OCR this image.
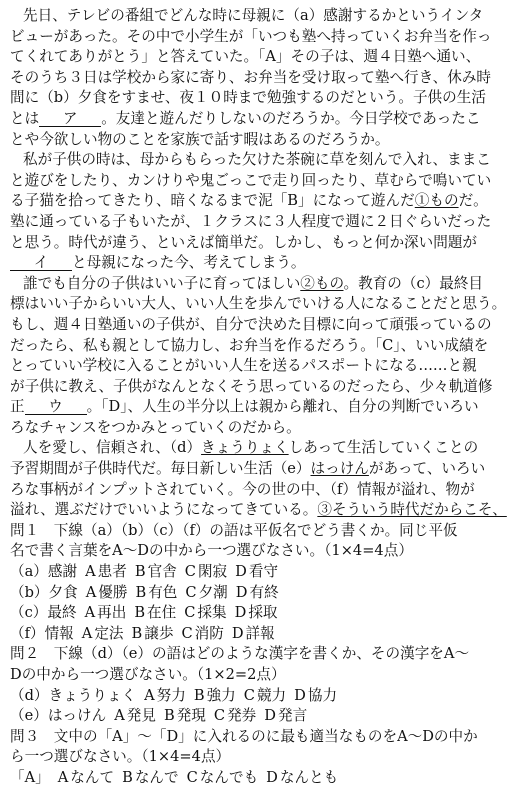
先日、テレビの番組でどんな時に母親に（a）感謝するかというインタ
ビューがあった。その中で小学生が「いつも塾へ持っていくお弁当を作っ
てくれてありがとう」と答えていた。「A」その子は、週４日塾へ通い、
そのうち３日は学校から家に寄り、お弁当を受け取って塾へ行き、休み時
間に（b）夕食をすませ、夜１０時まで勉強するのだという。子供の生活
とは ア 。友達と遊んだりしないのだろうか。今日学校であったこ
とや今欲しい物のことを家族で話す暇はあるのだろうか。
私が子供の時は、母からもらった欠けた茶碗に草を刻んで入れ、ままこ
と遊びをしたり、カンけりや鬼ごっこで走り回ったり、草むらで鳴いてい
る子猫を拾ってきたり、暗くなるまで泥「B」になって遊んだ①ものだ。
塾に通っている子もいたが、１クラスに３人程度で週に２日ぐらいだった
と思う。時代が違う、といえば簡単だ。しかし、もっと何か深い問題が
イ と母親になった今、考えてしまう。
誰でも自分の子供はいい子に育ってほしい②もの。教育の（c）最終目
標はいい子からいい大人、いい人生を歩んでいける人になることだと思う。
もし、週４日塾通いの子供が、自分で決めた目標に向って頑張っているの
だったら、私も親として協力し、お弁当を作るだろう。「C」、いい成績を
とっていい学校に入ることがいい人生を送るパスポートになる……と親
が子供に教え、子供がなんとなくそう思っているのだったら、少々軌道修
正 ウ 。「D」、人生の半分以上は親から離れ、自分の判断でいろい
ろなチャンスをつかみとっていくのだから。
人を愛し、信頼され、（d）きょうりょくしあって生活していくことの
予習期間が子供時代だ。毎日新しい生活（e）はっけんがあって、いろい
ろな事柄がインプットされていく。今の世の中、（f）情報が溢れ、物が
溢れ、選ぶだけでいいようになってきている。③そういう時代だからこそ、
問１　下線（a）（b）（c）（f）の語は平仮名でどう書くか。同じ平仮
名で書く言葉をA～Dの中から一つ選びなさい。（1×4=4点）
（a）感謝 A 患者 B 官舎 C 閑寂 D 看守
（b）夕食 A 優勝 B 有色 C 夕潮 D 有終
（c）最終 A 再出 B 在住 C 採集 D 採取
（f）情報 A 定法 B 譲歩 C 消防 D 詳報
問２　下線（d）（e）の語はどのような漢字を書くか、その漢字をA～
Dの中から一つ選びなさい。（1×2=2点）
（d）きょうりょく A 努力 B 強力 C 競力 D 協力
（e）はっけん A 発見 B 発現 C 発券 D 発言
問３　文中の「A」～「D」に入れるのに最も適当なものをA～Dの中か
ら一つ選びなさい。（1×4=4点）
「A」 A なんて B なんで C なんでも D なんとも
